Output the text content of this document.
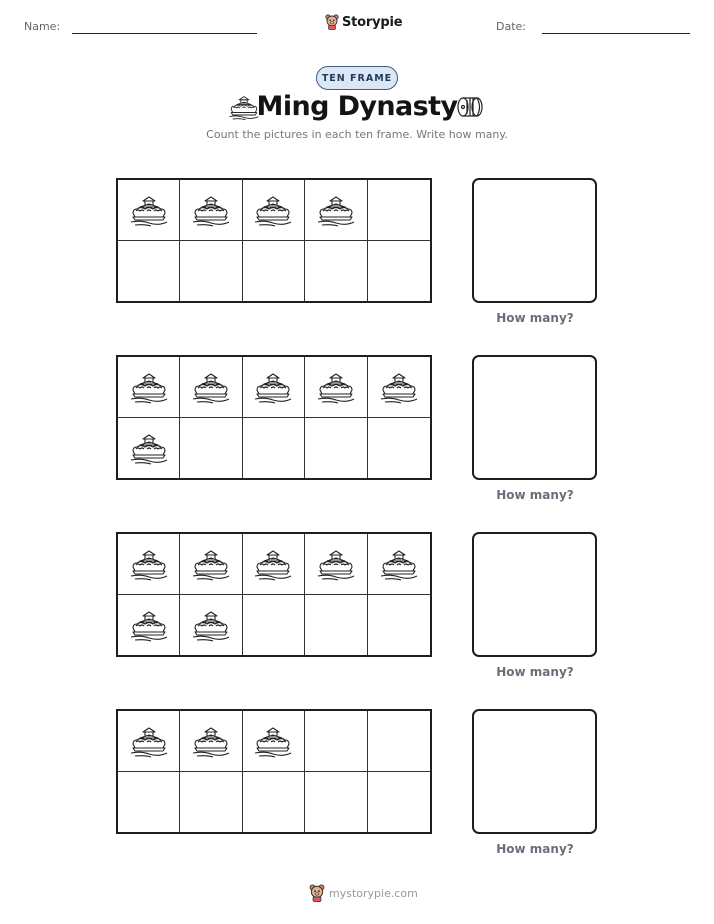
Name:	Storypie	Date:
TEN FRAME
Ming Dynasty
Count the pictures in each ten frame. Write how many.
How many?
How many?
How many?
How many?
mystorypie.com
